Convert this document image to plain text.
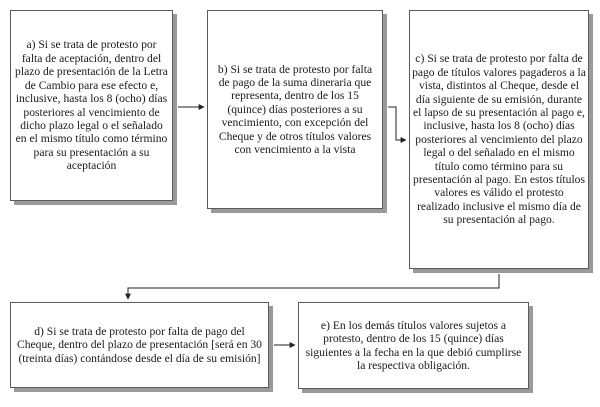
a) Si se trata de protesto por falta de aceptación, dentro del plazo de presentación de la Letra de Cambio para ese efecto e, inclusive, hasta los 8 (ocho) días posteriores al vencimiento de dicho plazo legal o el señalado en el mismo título como término para su presentación a su aceptación
b) Si se trata de protesto por falta de pago de la suma dineraria que representa, dentro de los 15 (quince) días posteriores a su vencimiento, con excepción del Cheque y de otros títulos valores con vencimiento a la vista
c) Si se trata de protesto por falta de pago de títulos valores pagaderos a la vista, distintos al Cheque, desde el día siguiente de su emisión, durante el lapso de su presentación al pago e, inclusive, hasta los 8 (ocho) días posteriores al vencimiento del plazo legal o del señalado en el mismo título como término para su presentación al pago. En estos títulos valores es válido el protesto realizado inclusive el mismo día de su presentación al pago.
d) Si se trata de protesto por falta de pago del Cheque, dentro del plazo de presentación [será en 30 (treinta días) contándose desde el día de su emisión]
e) En los demás títulos valores sujetos a protesto, dentro de los 15 (quince) días siguientes a la fecha en la que debió cumplirse la respectiva obligación.
